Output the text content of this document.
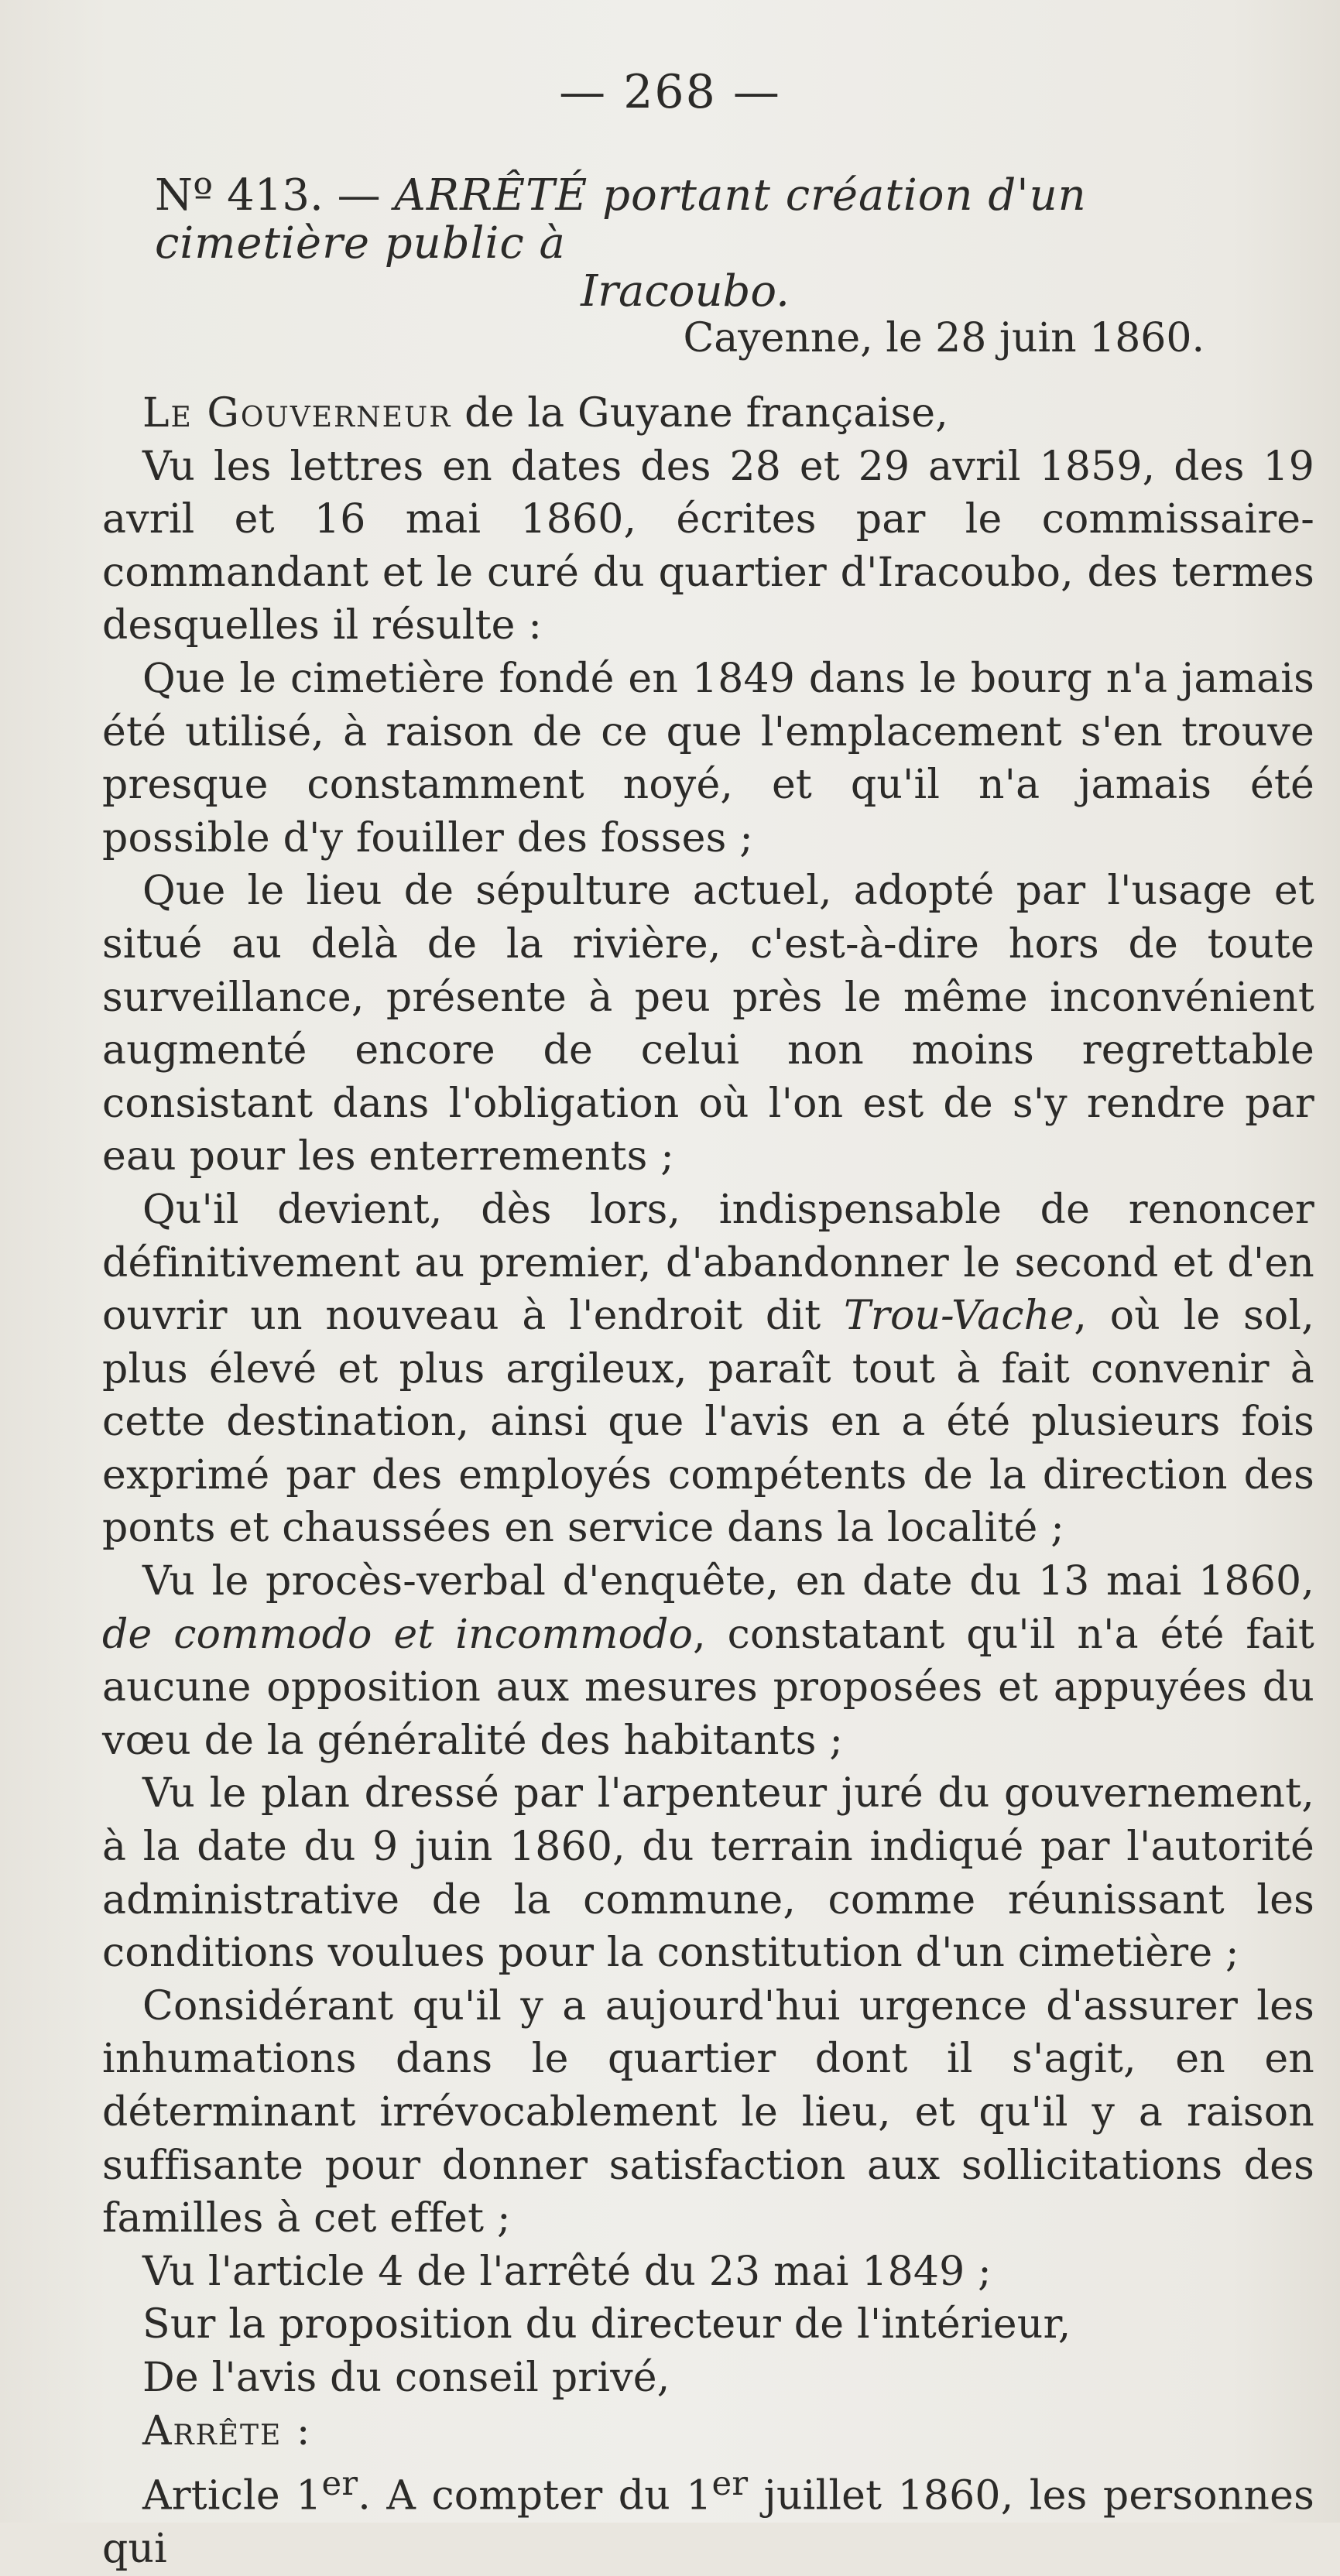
— 268 —
Nº 413. — ARRÊTÉ portant création d'un cimetière public à
Iracoubo.
Cayenne, le 28 juin 1860.

Le Gouverneur de la Guyane française,

Vu les lettres en dates des 28 et 29 avril 1859, des 19 avril et 16 mai 1860, écrites par le commissaire-commandant et le curé du quartier d'Iracoubo, des termes desquelles il résulte :

Que le cimetière fondé en 1849 dans le bourg n'a jamais été utilisé, à raison de ce que l'emplacement s'en trouve presque constamment noyé, et qu'il n'a jamais été possible d'y fouiller des fosses ;

Que le lieu de sépulture actuel, adopté par l'usage et situé au delà de la rivière, c'est-à-dire hors de toute surveillance, présente à peu près le même inconvénient augmenté encore de celui non moins regrettable consistant dans l'obligation où l'on est de s'y rendre par eau pour les enterrements ;

Qu'il devient, dès lors, indispensable de renoncer définitivement au premier, d'abandonner le second et d'en ouvrir un nouveau à l'endroit dit Trou-Vache, où le sol, plus élevé et plus argileux, paraît tout à fait convenir à cette destination, ainsi que l'avis en a été plusieurs fois exprimé par des employés compétents de la direction des ponts et chaussées en service dans la localité ;

Vu le procès-verbal d'enquête, en date du 13 mai 1860, de commodo et incommodo, constatant qu'il n'a été fait aucune opposition aux mesures proposées et appuyées du vœu de la généralité des habitants ;

Vu le plan dressé par l'arpenteur juré du gouvernement, à la date du 9 juin 1860, du terrain indiqué par l'autorité administrative de la commune, comme réunissant les conditions voulues pour la constitution d'un cimetière ;

Considérant qu'il y a aujourd'hui urgence d'assurer les inhumations dans le quartier dont il s'agit, en en déterminant irrévocablement le lieu, et qu'il y a raison suffisante pour donner satisfaction aux sollicitations des familles à cet effet ;

Vu l'article 4 de l'arrêté du 23 mai 1849 ;

Sur la proposition du directeur de l'intérieur,

De l'avis du conseil privé,

Arrête :

Article 1er. A compter du 1er juillet 1860, les personnes qui
